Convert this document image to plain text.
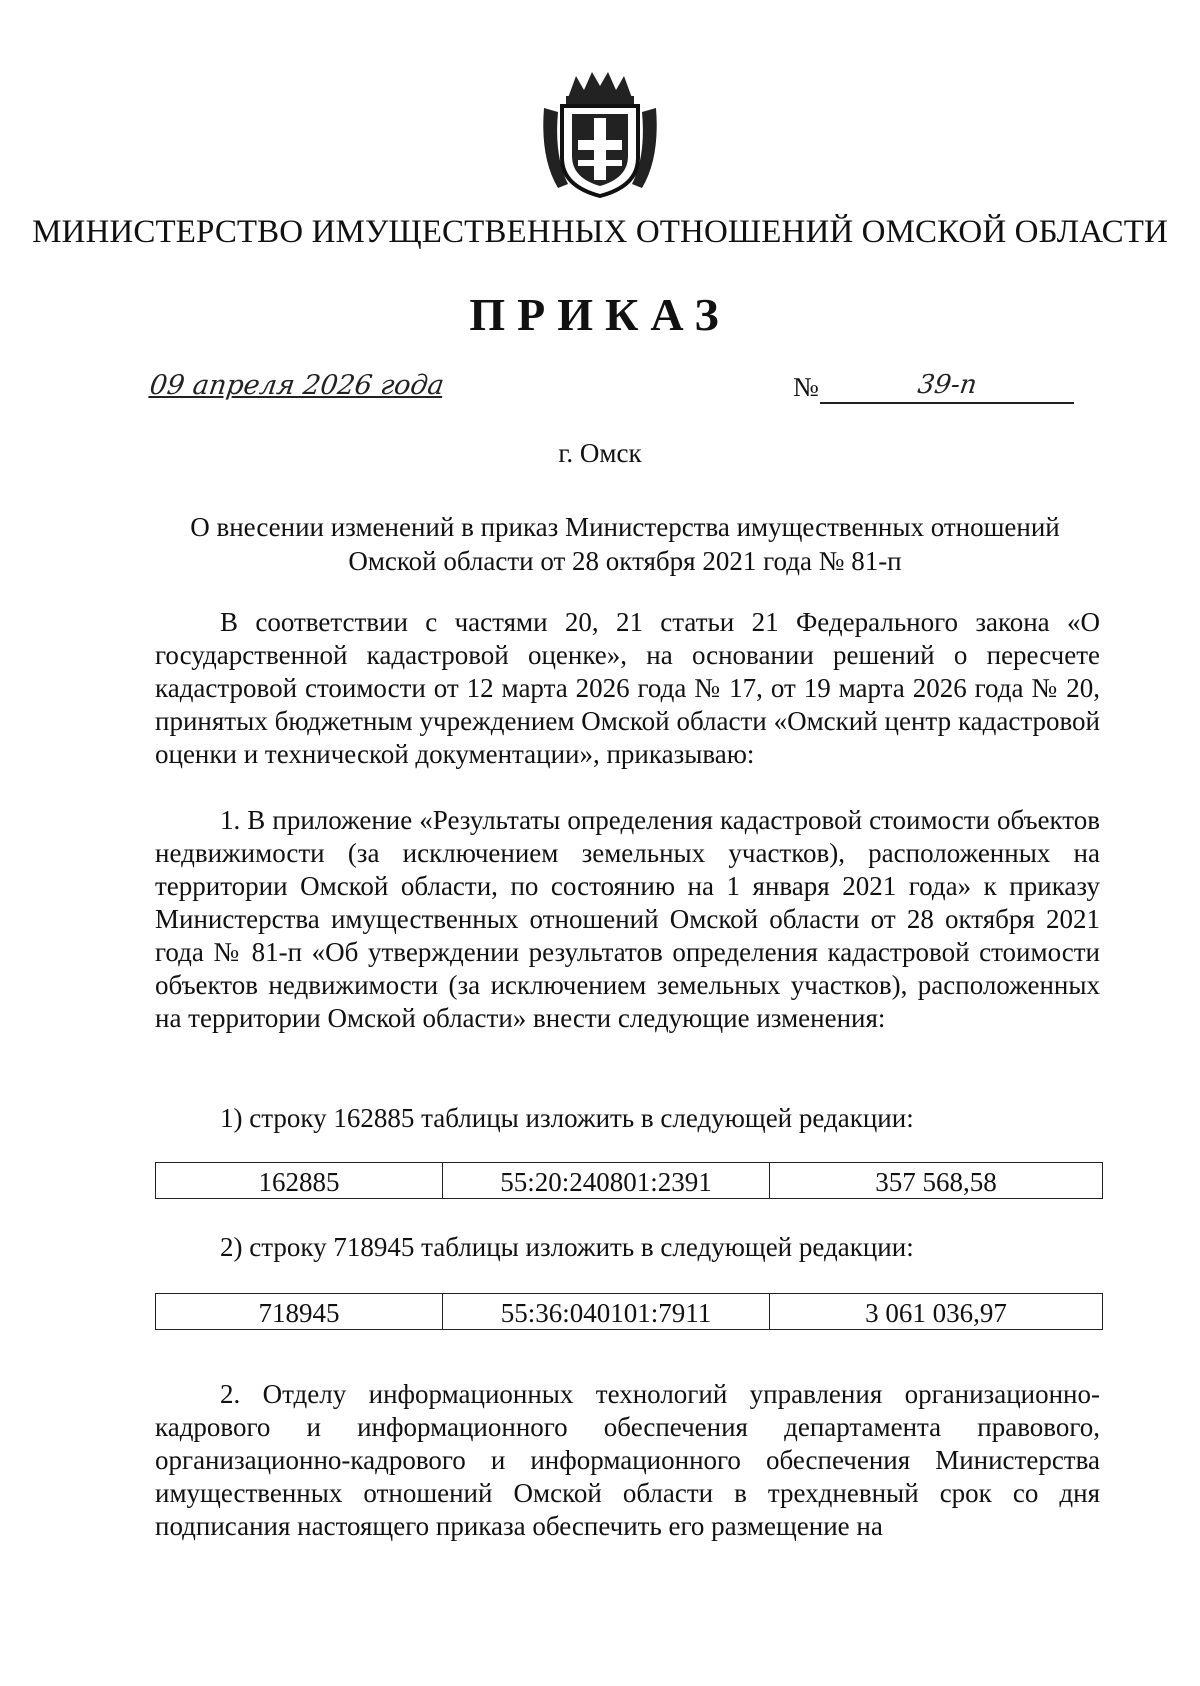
МИНИСТЕРСТВО ИМУЩЕСТВЕННЫХ ОТНОШЕНИЙ ОМСКОЙ ОБЛАСТИ
ПРИКАЗ
09 апреля 2026 года	№	39-п
г. Омск
О внесении изменений в приказ Министерства имущественных отношений
Омской области от 28 октября 2021 года № 81-п
В соответствии с частями 20, 21 статьи 21 Федерального закона «О государственной кадастровой оценке», на основании решений о пересчете кадастровой стоимости от 12 марта 2026 года № 17, от 19 марта 2026 года № 20, принятых бюджетным учреждением Омской области «Омский центр кадастровой оценки и технической документации», приказываю:
1. В приложение «Результаты определения кадастровой стоимости объектов недвижимости (за исключением земельных участков), расположенных на территории Омской области, по состоянию на 1 января 2021 года» к приказу Министерства имущественных отношений Омской области от 28 октября 2021 года № 81-п «Об утверждении результатов определения кадастровой стоимости объектов недвижимости (за исключением земельных участков), расположенных на территории Омской области» внести следующие изменения:
1) строку 162885 таблицы изложить в следующей редакции:
162885	55:20:240801:2391	357 568,58
2) строку 718945 таблицы изложить в следующей редакции:
718945	55:36:040101:7911	3 061 036,97
2. Отделу информационных технологий управления организационно-кадрового и информационного обеспечения департамента правового, организационно-кадрового и информационного обеспечения Министерства имущественных отношений Омской области в трехдневный срок со дня подписания настоящего приказа обеспечить его размещение на
